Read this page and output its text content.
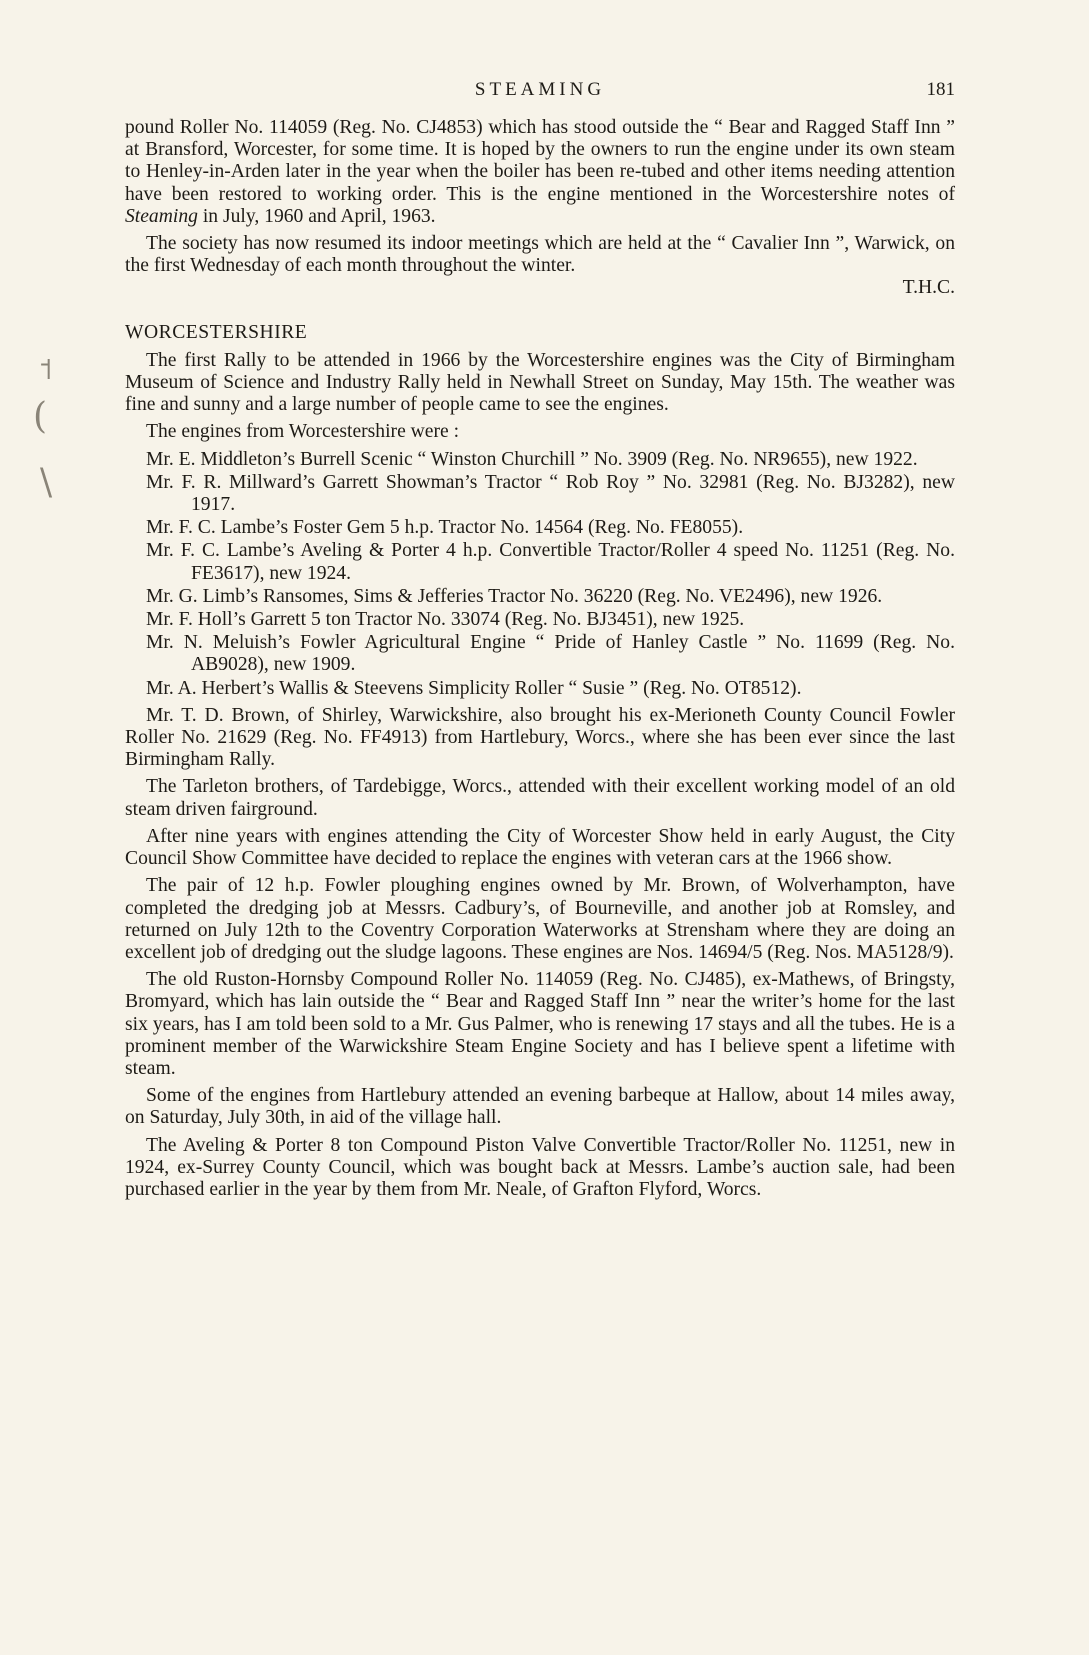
˦
(
\
STEAMING	181

pound Roller No. 114059 (Reg. No. CJ4853) which has stood outside the “ Bear and Ragged Staff Inn ” at Bransford, Worcester, for some time. It is hoped by the owners to run the engine under its own steam to Henley-in-Arden later in the year when the boiler has been re-tubed and other items needing attention have been restored to working order. This is the engine mentioned in the Worcestershire notes of Steaming in July, 1960 and April, 1963.

The society has now resumed its indoor meetings which are held at the “ Cavalier Inn ”, Warwick, on the first Wednesday of each month throughout the winter.

T.H.C.
WORCESTERSHIRE

The first Rally to be attended in 1966 by the Worcestershire engines was the City of Birmingham Museum of Science and Industry Rally held in Newhall Street on Sunday, May 15th. The weather was fine and sunny and a large number of people came to see the engines.

The engines from Worcestershire were :

Mr. E. Middleton’s Burrell Scenic “ Winston Churchill ” No. 3909 (Reg. No. NR9655), new 1922.
Mr. F. R. Millward’s Garrett Showman’s Tractor “ Rob Roy ” No. 32981 (Reg. No. BJ3282), new 1917.
Mr. F. C. Lambe’s Foster Gem 5 h.p. Tractor No. 14564 (Reg. No. FE8055).
Mr. F. C. Lambe’s Aveling & Porter 4 h.p. Convertible Tractor/Roller 4 speed No. 11251 (Reg. No. FE3617), new 1924.
Mr. G. Limb’s Ransomes, Sims & Jefferies Tractor No. 36220 (Reg. No. VE2496), new 1926.
Mr. F. Holl’s Garrett 5 ton Tractor No. 33074 (Reg. No. BJ3451), new 1925.
Mr. N. Meluish’s Fowler Agricultural Engine “ Pride of Hanley Castle ” No. 11699 (Reg. No. AB9028), new 1909.
Mr. A. Herbert’s Wallis & Steevens Simplicity Roller “ Susie ” (Reg. No. OT8512).

Mr. T. D. Brown, of Shirley, Warwickshire, also brought his ex-Merioneth County Council Fowler Roller No. 21629 (Reg. No. FF4913) from Hartlebury, Worcs., where she has been ever since the last Birmingham Rally.

The Tarleton brothers, of Tardebigge, Worcs., attended with their excellent working model of an old steam driven fairground.

After nine years with engines attending the City of Worcester Show held in early August, the City Council Show Committee have decided to replace the engines with veteran cars at the 1966 show.

The pair of 12 h.p. Fowler ploughing engines owned by Mr. Brown, of Wolverhampton, have completed the dredging job at Messrs. Cadbury’s, of Bourneville, and another job at Romsley, and returned on July 12th to the Coventry Corporation Waterworks at Strensham where they are doing an excellent job of dredging out the sludge lagoons. These engines are Nos. 14694/5 (Reg. Nos. MA5128/9).

The old Ruston-Hornsby Compound Roller No. 114059 (Reg. No. CJ485), ex-Mathews, of Bringsty, Bromyard, which has lain outside the “ Bear and Ragged Staff Inn ” near the writer’s home for the last six years, has I am told been sold to a Mr. Gus Palmer, who is renewing 17 stays and all the tubes. He is a prominent member of the Warwickshire Steam Engine Society and has I believe spent a lifetime with steam.

Some of the engines from Hartlebury attended an evening barbeque at Hallow, about 14 miles away, on Saturday, July 30th, in aid of the village hall.

The Aveling & Porter 8 ton Compound Piston Valve Convertible Tractor/Roller No. 11251, new in 1924, ex-Surrey County Council, which was bought back at Messrs. Lambe’s auction sale, had been purchased earlier in the year by them from Mr. Neale, of Grafton Flyford, Worcs.
